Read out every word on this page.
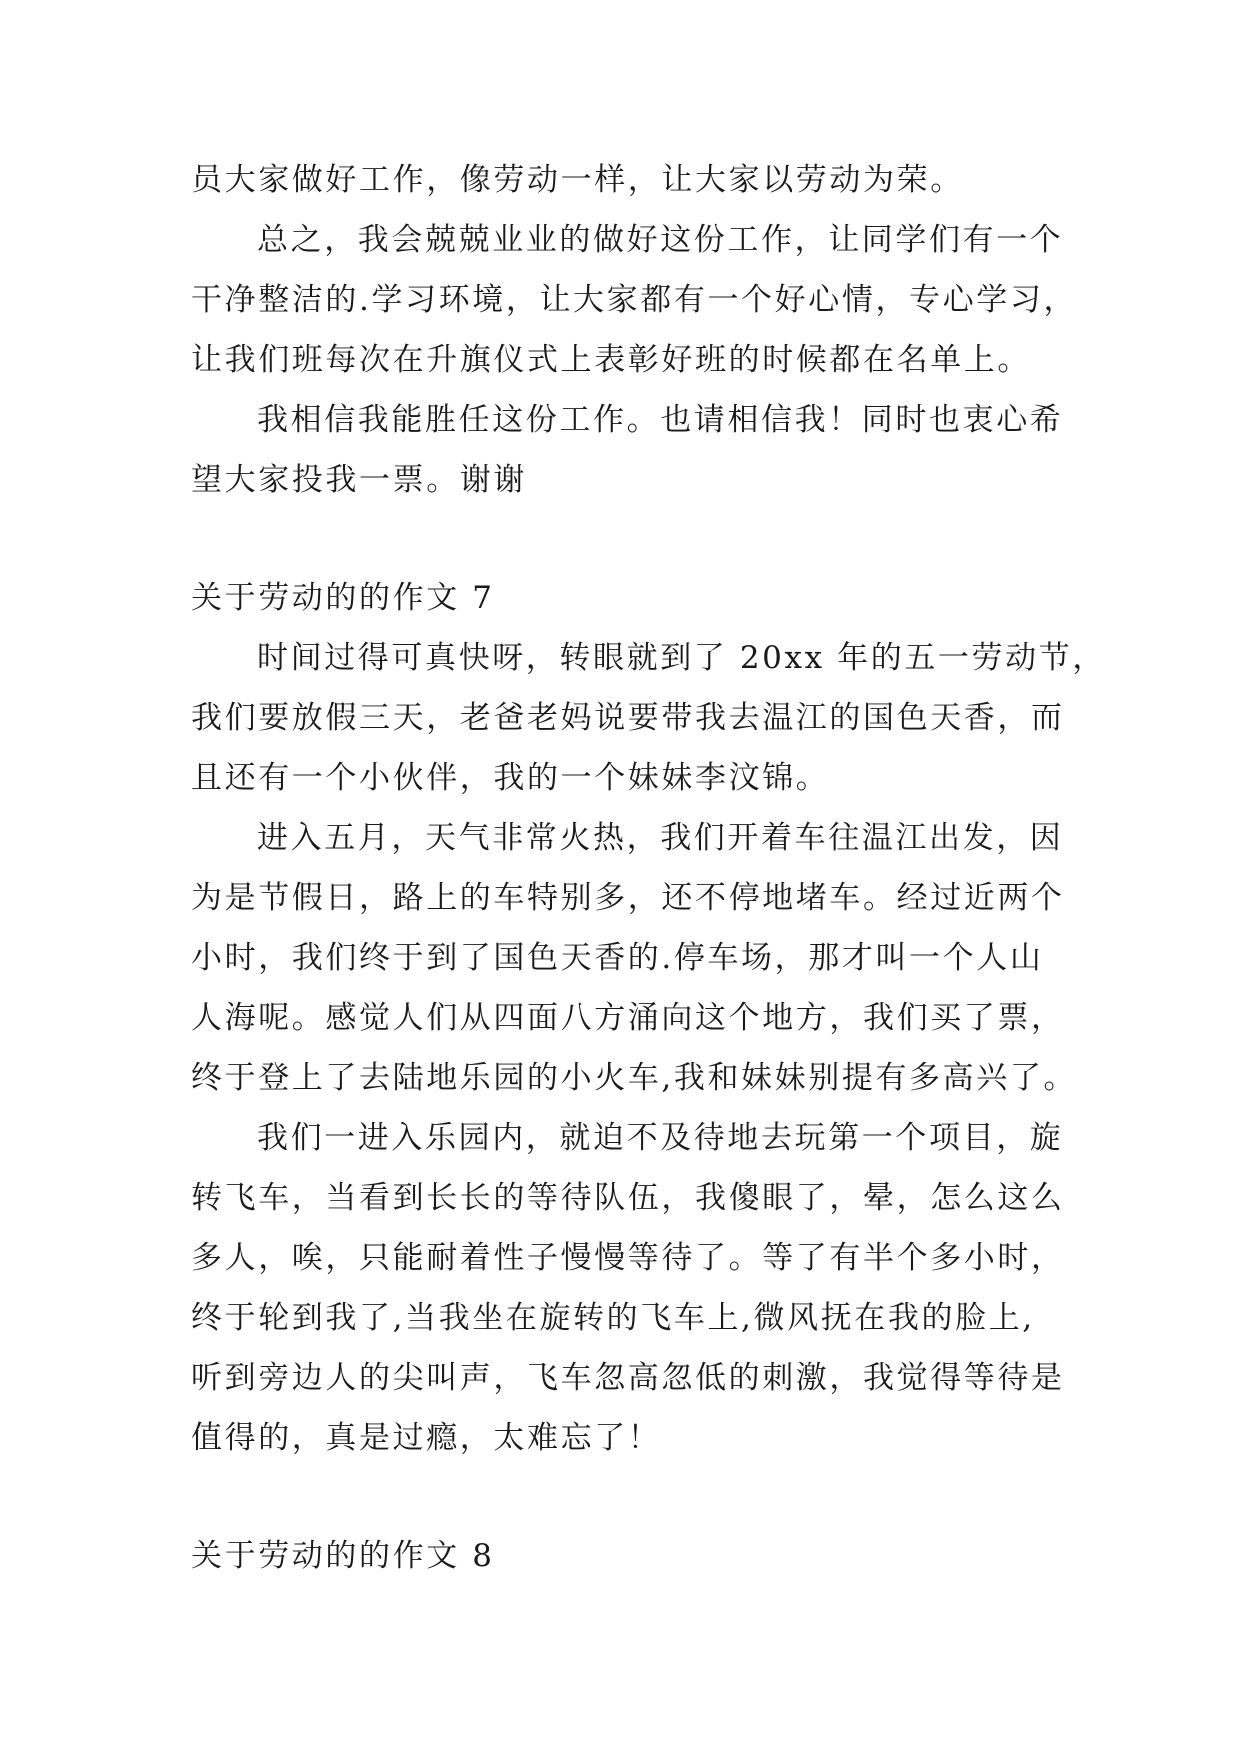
员大家做好工作，像劳动一样，让大家以劳动为荣。
总之，我会兢兢业业的做好这份工作，让同学们有一个
干净整洁的.学习环境，让大家都有一个好心情，专心学习，
让我们班每次在升旗仪式上表彰好班的时候都在名单上。
我相信我能胜任这份工作。也请相信我！同时也衷心希
望大家投我一票。谢谢
关于劳动的的作文 7
时间过得可真快呀，转眼就到了 20xx 年的五一劳动节，
我们要放假三天，老爸老妈说要带我去温江的国色天香，而
且还有一个小伙伴，我的一个妹妹李汶锦。
进入五月，天气非常火热，我们开着车往温江出发，因
为是节假日，路上的车特别多，还不停地堵车。经过近两个
小时，我们终于到了国色天香的.停车场，那才叫一个人山
人海呢。感觉人们从四面八方涌向这个地方，我们买了票，
终于登上了去陆地乐园的小火车,我和妹妹别提有多高兴了。
我们一进入乐园内，就迫不及待地去玩第一个项目，旋
转飞车，当看到长长的等待队伍，我傻眼了，晕，怎么这么
多人，唉，只能耐着性子慢慢等待了。等了有半个多小时，
终于轮到我了,当我坐在旋转的飞车上,微风抚在我的脸上,
听到旁边人的尖叫声，飞车忽高忽低的刺激，我觉得等待是
值得的，真是过瘾，太难忘了！
关于劳动的的作文 8
